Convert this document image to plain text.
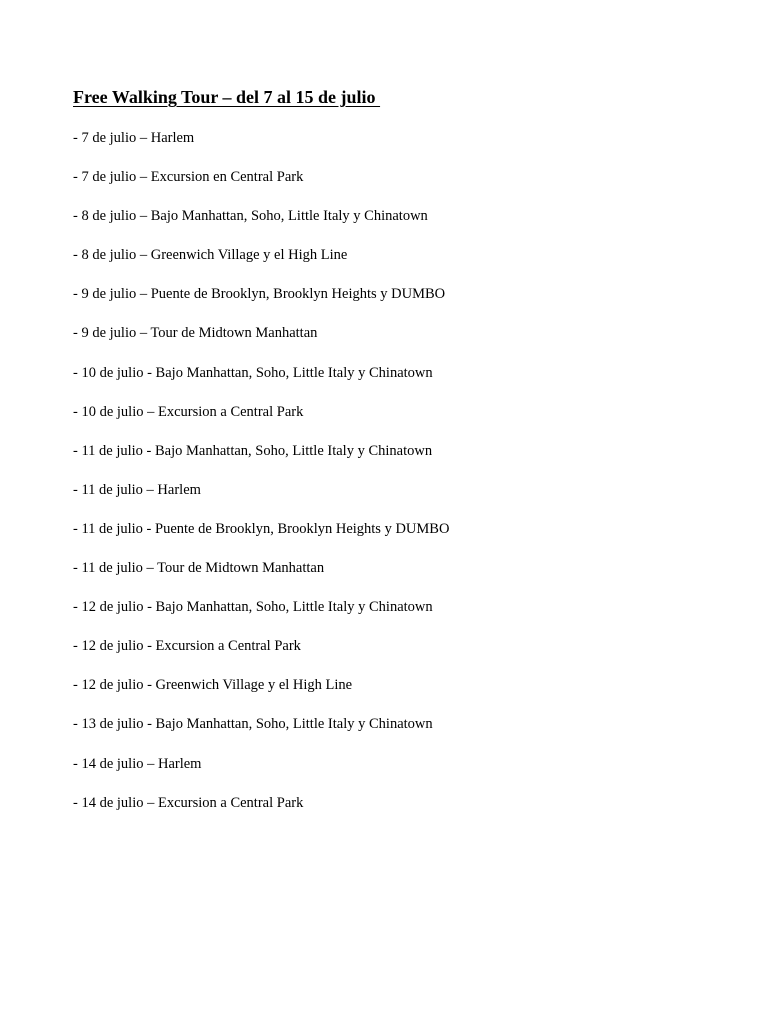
Free Walking Tour – del 7 al 15 de julio
- 7 de julio – Harlem
- 7 de julio – Excursion en Central Park
- 8 de julio – Bajo Manhattan, Soho, Little Italy y Chinatown
- 8 de julio – Greenwich Village y el High Line
- 9 de julio – Puente de Brooklyn, Brooklyn Heights y DUMBO
- 9 de julio – Tour de Midtown Manhattan
- 10 de julio - Bajo Manhattan, Soho, Little Italy y Chinatown
- 10 de julio – Excursion a Central Park
- 11 de julio - Bajo Manhattan, Soho, Little Italy y Chinatown
- 11 de julio – Harlem
- 11 de julio - Puente de Brooklyn, Brooklyn Heights y DUMBO
- 11 de julio – Tour de Midtown Manhattan
- 12 de julio - Bajo Manhattan, Soho, Little Italy y Chinatown
- 12 de julio - Excursion a Central Park
- 12 de julio - Greenwich Village y el High Line
- 13 de julio - Bajo Manhattan, Soho, Little Italy y Chinatown
- 14 de julio – Harlem
- 14 de julio – Excursion a Central Park
